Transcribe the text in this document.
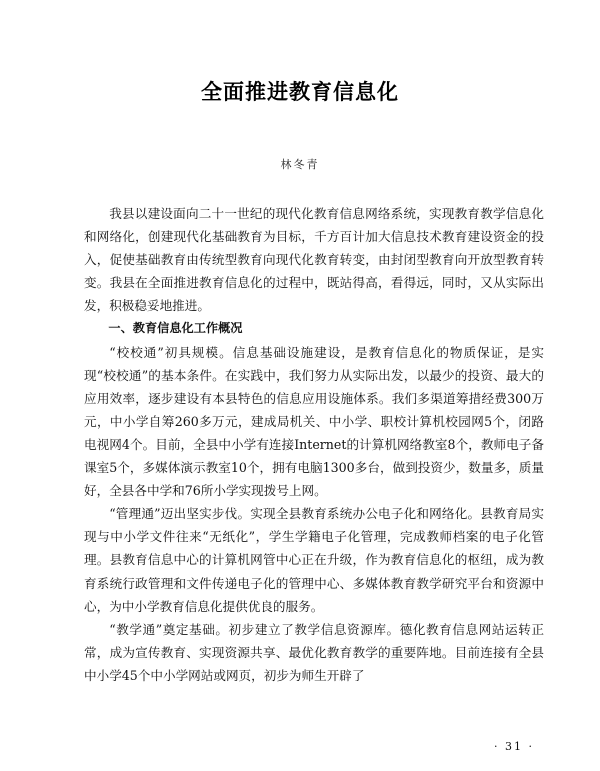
全面推进教育信息化
林冬青

我县以建设面向二十一世纪的现代化教育信息网络系统，实现教育教学信息化和网络化，创建现代化基础教育为目标，千方百计加大信息技术教育建设资金的投入，促使基础教育由传统型教育向现代化教育转变，由封闭型教育向开放型教育转变。我县在全面推进教育信息化的过程中，既站得高，看得远，同时，又从实际出发，积极稳妥地推进。

一、教育信息化工作概况

“校校通”初具规模。信息基础设施建设，是教育信息化的物质保证，是实现“校校通”的基本条件。在实践中，我们努力从实际出发，以最少的投资、最大的应用效率，逐步建设有本县特色的信息应用设施体系。我们多渠道筹措经费300万元，中小学自筹260多万元，建成局机关、中小学、职校计算机校园网5个，闭路电视网4个。目前，全县中小学有连接Internet的计算机网络教室8个，教师电子备课室5个，多媒体演示教室10个，拥有电脑1300多台，做到投资少，数量多，质量好，全县各中学和76所小学实现拨号上网。

“管理通”迈出坚实步伐。实现全县教育系统办公电子化和网络化。县教育局实现与中小学文件往来“无纸化”，学生学籍电子化管理，完成教师档案的电子化管理。县教育信息中心的计算机网管中心正在升级，作为教育信息化的枢纽，成为教育系统行政管理和文件传递电子化的管理中心、多媒体教育教学研究平台和资源中心，为中小学教育信息化提供优良的服务。

“教学通”奠定基础。初步建立了教学信息资源库。德化教育信息网站运转正常，成为宣传教育、实现资源共享、最优化教育教学的重要阵地。目前连接有全县中小学45个中小学网站或网页，初步为师生开辟了

· 31 ·
